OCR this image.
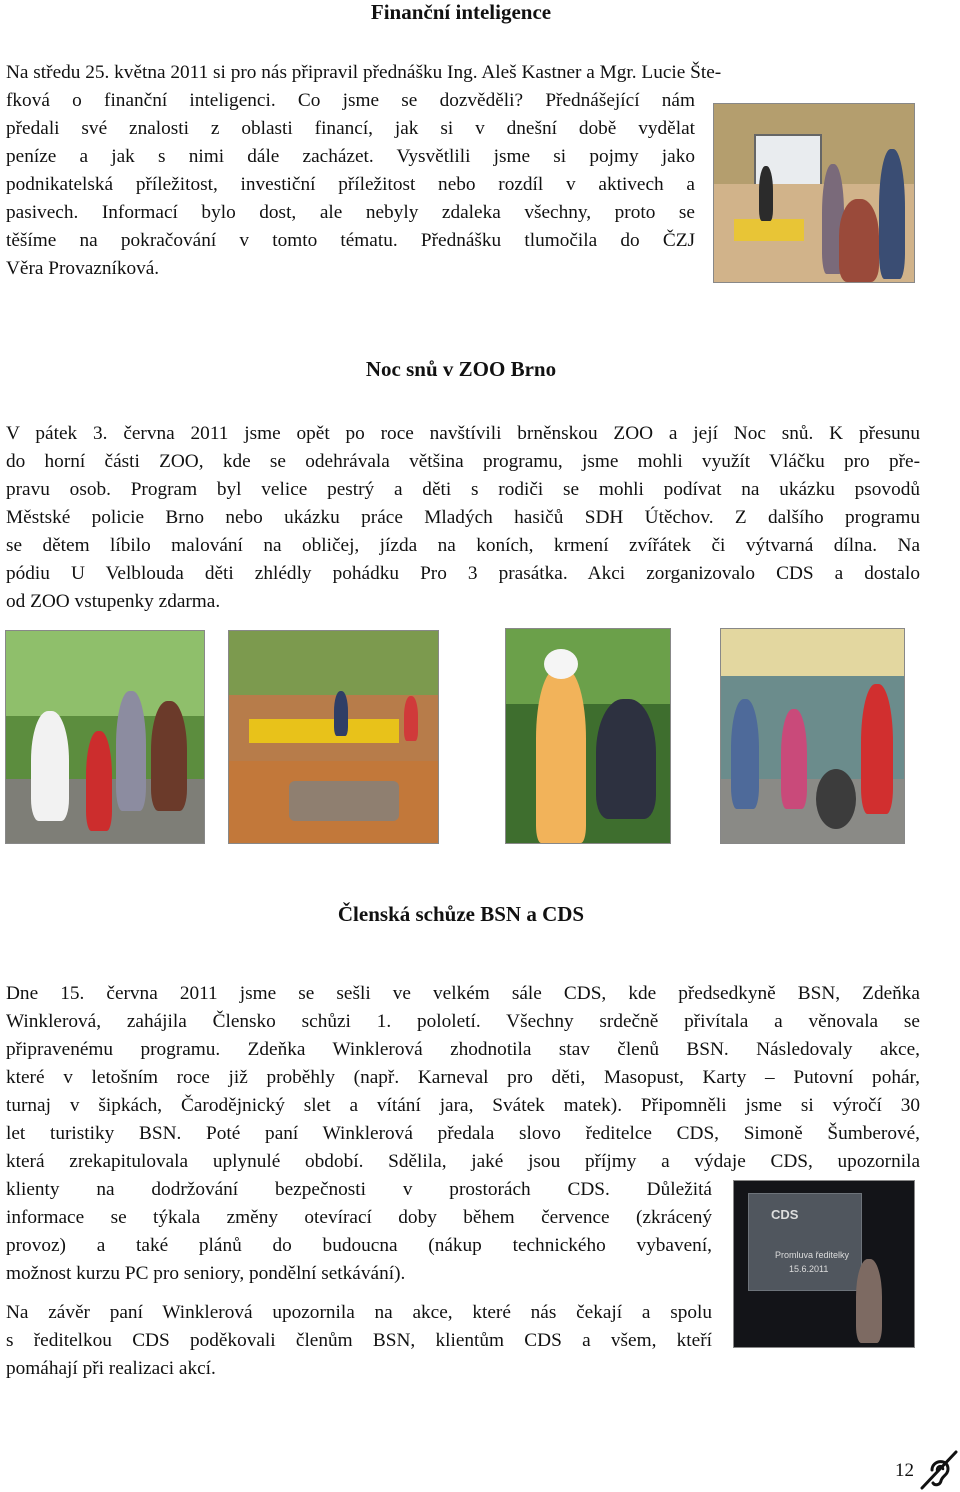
Finanční inteligence

Na středu 25. května 2011 si pro nás připravil přednášku Ing. Aleš Kastner a Mgr. Lucie Šte-

fková o finanční inteligenci. Co jsme se dozvěděli? Přednášející nám

předali své znalosti z oblasti financí, jak si v dnešní době vydělat

peníze a jak s nimi dále zacházet. Vysvětlili jsme si pojmy jako

podnikatelská příležitost, investiční příležitost nebo rozdíl v aktivech a

pasivech. Informací bylo dost, ale nebyly zdaleka všechny, proto se

těšíme na pokračování v tomto tématu. Přednášku tlumočila do ČZJ

Věra Provazníková.

Noc snů v ZOO Brno

V pátek 3. června 2011 jsme opět po roce navštívili brněnskou ZOO a její Noc snů. K přesunu

do horní části ZOO, kde se odehrávala většina programu, jsme mohli využít Vláčku pro pře-

pravu osob. Program byl velice pestrý a děti s rodiči se mohli podívat na ukázku psovodů

Městské policie Brno nebo ukázku práce Mladých hasičů SDH Útěchov. Z dalšího programu

se dětem líbilo malování na obličej, jízda na koních, krmení zvířátek či výtvarná dílna. Na

pódiu U Velblouda děti zhlédly pohádku Pro 3 prasátka. Akci zorganizovalo CDS a dostalo

od ZOO vstupenky zdarma.

Členská schůze BSN a CDS

Dne 15. června 2011 jsme se sešli ve velkém sále CDS, kde předsedkyně BSN, Zdeňka

Winklerová, zahájila Člensko schůzi 1. pololetí. Všechny srdečně přivítala a věnovala se

připravenému programu. Zdeňka Winklerová zhodnotila stav členů BSN. Následovaly akce,

které v letošním roce již proběhly (např. Karneval pro děti, Masopust, Karty – Putovní pohár,

turnaj v šipkách, Čarodějnický slet a vítání jara, Svátek matek). Připomněli jsme si výročí 30

let turistiky BSN. Poté paní Winklerová předala slovo ředitelce CDS, Simoně Šumberové,

která zrekapitulovala uplynulé období. Sdělila, jaké jsou příjmy a výdaje CDS, upozornila

klienty na dodržování bezpečnosti v prostorách CDS. Důležitá

informace se týkala změny otevírací doby během července (zkrácený

provoz) a také plánů do budoucna (nákup technického vybavení,

možnost kurzu PC pro seniory, pondělní setkávání).

Na závěr paní Winklerová upozornila na akce, které nás čekají a spolu

s ředitelkou CDS poděkovali členům BSN, klientům CDS a všem, kteří

pomáhají při realizaci akcí.

CDS
Promluva ředitelky
15.6.2011
12
